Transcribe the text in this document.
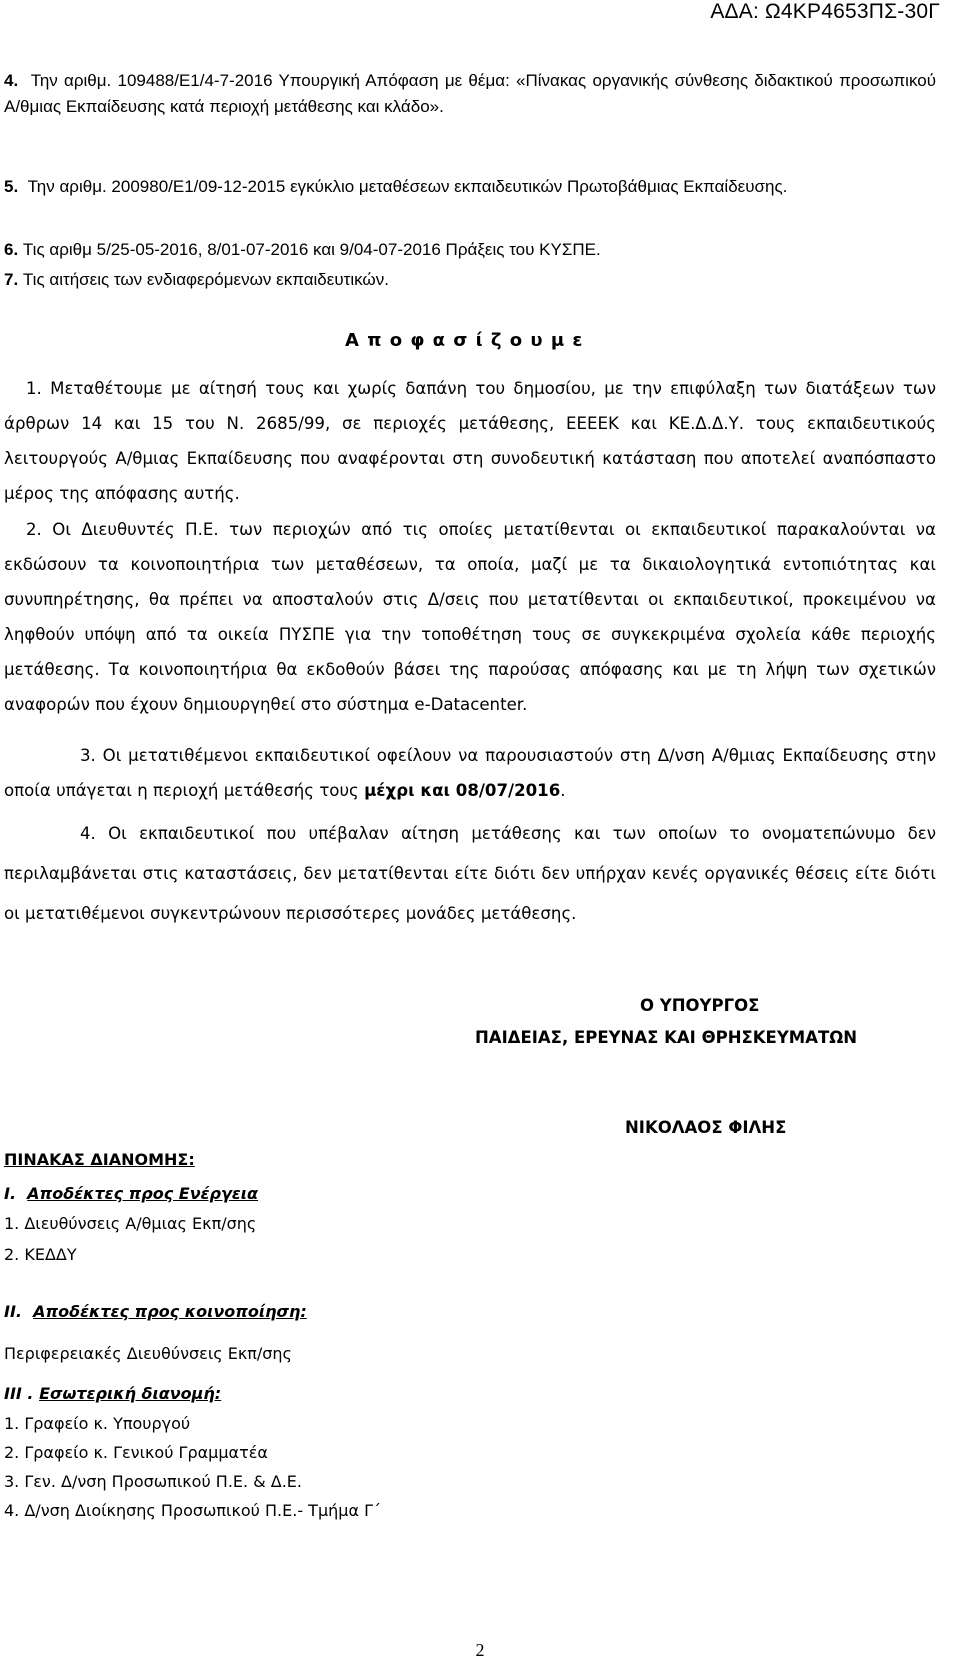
ΑΔΑ: Ω4ΚΡ4653ΠΣ-30Γ

4. Την αριθμ. 109488/Ε1/4-7-2016 Υπουργική Απόφαση με θέμα: «Πίνακας οργανικής σύνθεσης διδακτικού προσωπικού Α/θμιας Εκπαίδευσης κατά περιοχή μετάθεσης και κλάδο».

5. Την αριθμ. 200980/Ε1/09-12-2015 εγκύκλιο μεταθέσεων εκπαιδευτικών Πρωτοβάθμιας Εκπαίδευσης.

6. Τις αριθμ 5/25-05-2016, 8/01-07-2016 και 9/04-07-2016 Πράξεις του ΚΥΣΠΕ.
7. Τις αιτήσεις των ενδιαφερόμενων εκπαιδευτικών.
Α π ο φ α σ ί ζ ο υ μ ε

1. Μεταθέτουμε με αίτησή τους και χωρίς δαπάνη του δημοσίου, με την επιφύλαξη των διατάξεων των άρθρων 14 και 15 του Ν. 2685/99, σε περιοχές μετάθεσης, ΕΕΕΕΚ και ΚΕ.Δ.Δ.Υ. τους εκπαιδευτικούς λειτουργούς Α/θμιας Εκπαίδευσης που αναφέρονται στη συνοδευτική κατάσταση που αποτελεί αναπόσπαστο μέρος της απόφασης αυτής.

2. Οι Διευθυντές Π.Ε. των περιοχών από τις οποίες μετατίθενται οι εκπαιδευτικοί παρακαλούνται να εκδώσουν τα κοινοποιητήρια των μεταθέσεων, τα οποία, μαζί με τα δικαιολογητικά εντοπιότητας και συνυπηρέτησης, θα πρέπει να αποσταλούν στις Δ/σεις που μετατίθενται οι εκπαιδευτικοί, προκειμένου να ληφθούν υπόψη από τα οικεία ΠΥΣΠΕ για την τοποθέτηση τους σε συγκεκριμένα σχολεία κάθε περιοχής μετάθεσης. Τα κοινοποιητήρια θα εκδοθούν βάσει της παρούσας απόφασης και με τη λήψη των σχετικών αναφορών που έχουν δημιουργηθεί στο σύστημα e-Datacenter.

3. Οι μετατιθέμενοι εκπαιδευτικοί οφείλουν να παρουσιαστούν στη Δ/νση Α/θμιας Εκπαίδευσης στην οποία υπάγεται η περιοχή μετάθεσής τους μέχρι και 08/07/2016.

4. Οι εκπαιδευτικοί που υπέβαλαν αίτηση μετάθεσης και των οποίων το ονοματεπώνυμο δεν περιλαμβάνεται στις καταστάσεις, δεν μετατίθενται είτε διότι δεν υπήρχαν κενές οργανικές θέσεις είτε διότι οι μετατιθέμενοι συγκεντρώνουν περισσότερες μονάδες μετάθεσης.

Ο ΥΠΟΥΡΓΟΣ
ΠΑΙΔΕΙΑΣ, ΕΡΕΥΝΑΣ ΚΑΙ ΘΡΗΣΚΕΥΜΑΤΩΝ
ΝΙΚΟΛΑΟΣ ΦΙΛΗΣ
ΠΙΝΑΚΑΣ ΔΙΑΝΟΜΗΣ:
Ι. Αποδέκτες προς Ενέργεια
1. Διευθύνσεις Α/θμιας Εκπ/σης
2. ΚΕΔΔΥ
ΙΙ. Αποδέκτες προς κοινοποίηση:
Περιφερειακές Διευθύνσεις Εκπ/σης
ΙΙΙ . Εσωτερική διανομή:
1. Γραφείο κ. Υπουργού
2. Γραφείο κ. Γενικού Γραμματέα
3. Γεν. Δ/νση Προσωπικού Π.Ε. & Δ.Ε.
4. Δ/νση Διοίκησης Προσωπικού Π.Ε.- Τμήμα Γ΄
2
